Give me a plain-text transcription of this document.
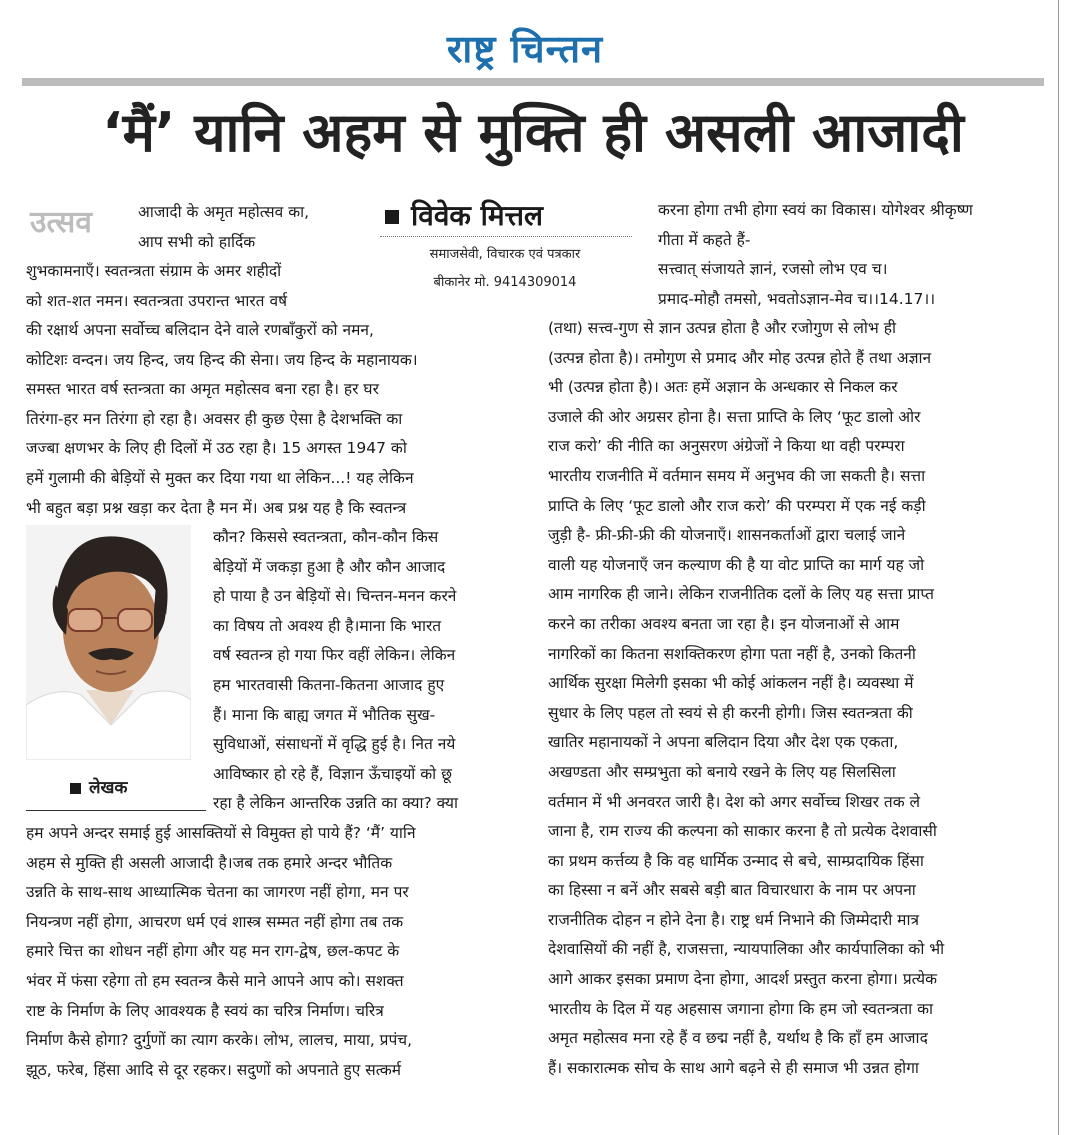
राष्ट्र चिन्तन
‘मैं’ यानि अहम से मुक्ति ही असली आजादी
उत्सव	विवेक मित्तल
समाजसेवी, विचारक एवं पत्रकार
बीकानेर मो. 9414309014

आजादी के अमृत महोत्सव का,

आप सभी को हार्दिक

शुभकामनाएँ। स्वतन्त्रता संग्राम के अमर शहीदों

को शत-शत नमन। स्वतन्त्रता उपरान्त भारत वर्ष

की रक्षार्थ अपना सर्वोच्च बलिदान देने वाले रणबाँकुरों को नमन,

कोटिशः वन्दन। जय हिन्द, जय हिन्द की सेना। जय हिन्द के महानायक।

समस्त भारत वर्ष स्तन्त्रता का अमृत महोत्सव बना रहा है। हर घर

तिरंगा-हर मन तिरंगा हो रहा है। अवसर ही कुछ ऐसा है देशभक्ति का

जज्बा क्षणभर के लिए ही दिलों में उठ रहा है। 15 अगस्त 1947 को

हमें गुलामी की बेड़ियों से मुक्त कर दिया गया था लेकिन...! यह लेकिन

भी बहुत बड़ा प्रश्न खड़ा कर देता है मन में। अब प्रश्न यह है कि स्वतन्त्र

कौन? किससे स्वतन्त्रता, कौन-कौन किस

बेड़ियों में जकड़ा हुआ है और कौन आजाद

हो पाया है उन बेड़ियों से। चिन्तन-मनन करने

का विषय तो अवश्य ही है।माना कि भारत

वर्ष स्वतन्त्र हो गया फिर वहीं लेकिन। लेकिन

हम भारतवासी कितना-कितना आजाद हुए

हैं। माना कि बाह्य जगत में भौतिक सुख-

सुविधाओं, संसाधनों में वृद्धि हुई है। नित नये

आविष्कार हो रहे हैं, विज्ञान ऊँचाइयों को छू

रहा है लेकिन आन्तरिक उन्नति का क्या? क्या

लेखक

हम अपने अन्दर समाई हुई आसक्तियों से विमुक्त हो पाये हैं? ‘मैं’ यानि

अहम से मुक्ति ही असली आजादी है।जब तक हमारे अन्दर भौतिक

उन्नति के साथ-साथ आध्यात्मिक चेतना का जागरण नहीं होगा, मन पर

नियन्त्रण नहीं होगा, आचरण धर्म एवं शास्त्र सम्मत नहीं होगा तब तक

हमारे चित्त का शोधन नहीं होगा और यह मन राग-द्वेष, छल-कपट के

भंवर में फंसा रहेगा तो हम स्वतन्त्र कैसे माने आपने आप को। सशक्त

राष्ट के निर्माण के लिए आवश्यक है स्वयं का चरित्र निर्माण। चरित्र

निर्माण कैसे होगा? दुर्गुणों का त्याग करके। लोभ, लालच, माया, प्रपंच,

झूठ, फरेब, हिंसा आदि से दूर रहकर। सदुणों को अपनाते हुए सत्कर्म

करना होगा तभी होगा स्वयं का विकास। योगेश्वर श्रीकृष्ण

गीता में कहते हैं-

सत्त्वात् संजायते ज्ञानं, रजसो लोभ एव च।

प्रमाद-मोहौ तमसो, भवतोऽज्ञान-मेव च।।14.17।।

(तथा) सत्त्व-गुण से ज्ञान उत्पन्न होता है और रजोगुण से लोभ ही

(उत्पन्न होता है)। तमोगुण से प्रमाद और मोह उत्पन्न होते हैं तथा अज्ञान

भी (उत्पन्न होता है)। अतः हमें अज्ञान के अन्धकार से निकल कर

उजाले की ओर अग्रसर होना है। सत्ता प्राप्ति के लिए ‘फूट डालो ओर

राज करो’ की नीति का अनुसरण अंग्रेजों ने किया था वही परम्परा

भारतीय राजनीति में वर्तमान समय में अनुभव की जा सकती है। सत्ता

प्राप्ति के लिए ‘फूट डालो और राज करो’ की परम्परा में एक नई कड़ी

जुड़ी है- फ्री-फ्री-फ्री की योजनाएँ। शासनकर्ताओं द्वारा चलाई जाने

वाली यह योजनाएँ जन कल्याण की है या वोट प्राप्ति का मार्ग यह जो

आम नागरिक ही जाने। लेकिन राजनीतिक दलों के लिए यह सत्ता प्राप्त

करने का तरीका अवश्य बनता जा रहा है। इन योजनाओं से आम

नागरिकों का कितना सशक्तिकरण होगा पता नहीं है, उनको कितनी

आर्थिक सुरक्षा मिलेगी इसका भी कोई आंकलन नहीं है। व्यवस्था में

सुधार के लिए पहल तो स्वयं से ही करनी होगी। जिस स्वतन्त्रता की

खातिर महानायकों ने अपना बलिदान दिया और देश एक एकता,

अखण्डता और सम्प्रभुता को बनाये रखने के लिए यह सिलसिला

वर्तमान में भी अनवरत जारी है। देश को अगर सर्वोच्च शिखर तक ले

जाना है, राम राज्य की कल्पना को साकार करना है तो प्रत्येक देशवासी

का प्रथम कर्त्तव्य है कि वह धार्मिक उन्माद से बचे, साम्प्रदायिक हिंसा

का हिस्सा न बनें और सबसे बड़ी बात विचारधारा के नाम पर अपना

राजनीतिक दोहन न होने देना है। राष्ट्र धर्म निभाने की जिम्मेदारी मात्र

देशवासियों की नहीं है, राजसत्ता, न्यायपालिका और कार्यपालिका को भी

आगे आकर इसका प्रमाण देना होगा, आदर्श प्रस्तुत करना होगा। प्रत्येक

भारतीय के दिल में यह अहसास जगाना होगा कि हम जो स्वतन्त्रता का

अमृत महोत्सव मना रहे हैं व छद्म नहीं है, यर्थाथ है कि हाँ हम आजाद

हैं। सकारात्मक सोच के साथ आगे बढ़ने से ही समाज भी उन्नत होगा
